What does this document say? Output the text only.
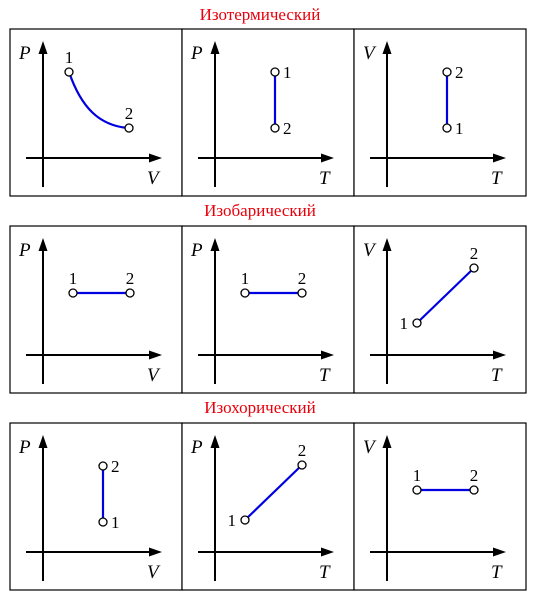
Изотермический
P
V
1
2
P
T
1
2
V
T
2
1
Изобарический
P
V
1	2
P
T
1	2
V
T
1
2
Изохорический
P
V
2
1
P
T
1
2	V
T
1	2
